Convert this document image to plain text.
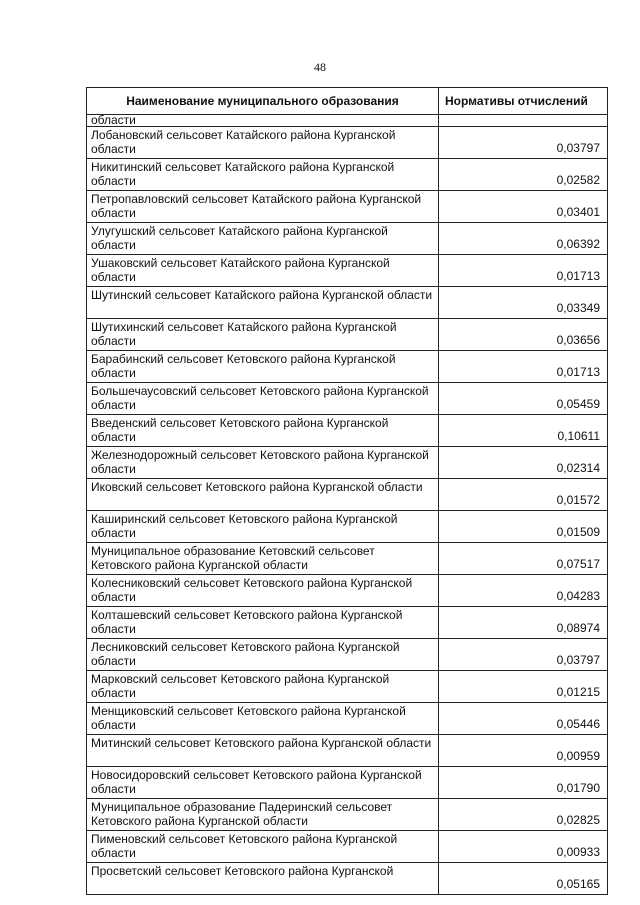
48
Наименование муниципального образования	Нормативы отчислений
области	
Лобановский сельсовет Катайского района Курганской области	0,03797
Никитинский сельсовет Катайского района Курганской области	0,02582
Петропавловский сельсовет Катайского района Курганской области	0,03401
Улугушский сельсовет Катайского района Курганской области	0,06392
Ушаковский сельсовет Катайского района Курганской области	0,01713
Шутинский сельсовет Катайского района Курганской области	0,03349
Шутихинский сельсовет Катайского района Курганской области	0,03656
Барабинский сельсовет Кетовского района Курганской области	0,01713
Большечаусовский сельсовет Кетовского района Курганской области	0,05459
Введенский сельсовет Кетовского района Курганской области	0,10611
Железнодорожный сельсовет Кетовского района Курганской области	0,02314
Иковский сельсовет Кетовского района Курганской области	0,01572
Каширинский сельсовет Кетовского района Курганской области	0,01509
Муниципальное образование Кетовский сельсовет Кетовского района Курганской области	0,07517
Колесниковский сельсовет Кетовского района Курганской области	0,04283
Колташевский сельсовет Кетовского района Курганской области	0,08974
Лесниковский сельсовет Кетовского района Курганской области	0,03797
Марковский сельсовет Кетовского района Курганской области	0,01215
Менщиковский сельсовет Кетовского района Курганской области	0,05446
Митинский сельсовет Кетовского района Курганской области	0,00959
Новосидоровский сельсовет Кетовского района Курганской области	0,01790
Муниципальное образование Падеринский сельсовет Кетовского района Курганской области	0,02825
Пименовский сельсовет Кетовского района Курганской области	0,00933
Просветский сельсовет Кетовского района Курганской	0,05165
